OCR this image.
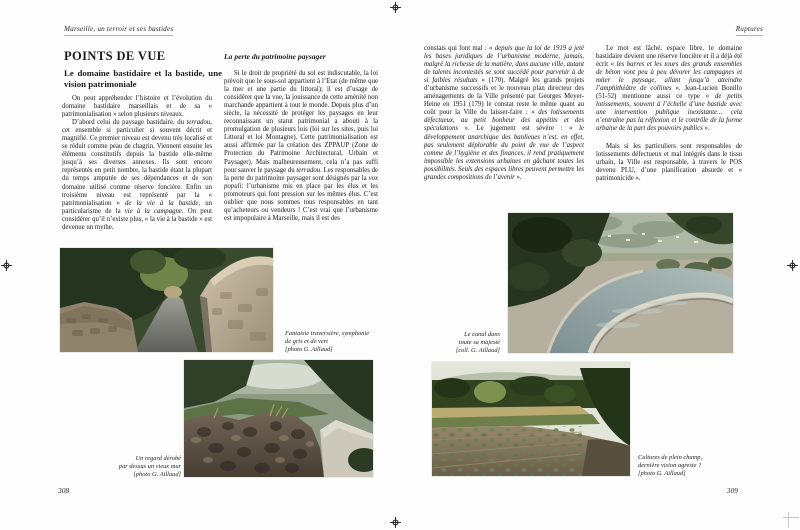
Marseille, un terroir et ses bastides
POINTS DE VUE
Le domaine bastidaire et la bastide, une vision patrimoniale

On peut appréhender l’histoire et l’évolution du domaine bastidaire marseillais et de sa « patrimonialisation » selon plusieurs niveaux.

D’abord celui du paysage bastidaire, du terradou, cet ensemble si particulier si souvent décrit et magnifié. Ce premier niveau est devenu très localisé et se réduit comme peau de chagrin. Viennent ensuite les éléments constitutifs depuis la bastide elle-même jusqu’à ses diverses annexes. Ils sont encore représentés en petit nombre, la bastide étant la plupart du temps amputée de ses dépendances et de son domaine utilisé comme réserve foncière. Enfin un troisième niveau est représenté par la « patrimonialisation » de la vie à la bastide, un particularisme de la vie à la campagne. On peut considérer qu’il n’existe plus, « la vie à la bastide » est devenue un mythe.

La perte du patrimoine paysager

Si le droit de propriété du sol est indiscutable, la loi prévoit que le sous-sol appartient à l’Etat (de même que la mer et une partie du littoral); il est d’usage de considérer que la vue, la jouissance de cette aménité non marchande appartient à tout le monde. Depuis plus d’un siècle, la nécessité de protéger les paysages en leur reconnaissant un statut patrimonial a abouti à la promulgation de plusieurs lois (loi sur les sites, puis loi Littoral et loi Montagne). Cette patrimonialisation est aussi affirmée par la création des ZPPAUP (Zone de Protection du Patrimoine Architectural, Urbain et Paysager). Mais malheureusement, cela n’a pas suffi pour sauver le paysage du terradou. Les responsables de la perte du patrimoine paysager sont désignés par la vox populi: l’urbanisme mis en place par les élus et les promoteurs qui font pression sur les mêmes élus. C’est oublier que nous sommes tous responsables en tant qu’acheteurs ou vendeurs ! C’est vrai que l’urbanisme est impopulaire à Marseille, mais il est des

Fantaisie traversière, symphonie
de gris et de vert
[photo G. Aillaud]
Un regard dérobé
par dessus un vieux mur
[photo G. Aillaud]
308
Ruptures

constats qui font mal : « depuis que la loi de 1919 a jeté les bases juridiques de l’urbanisme moderne, jamais, malgré la richesse de la matière, dans aucune ville, autant de talents incontestés se sont succédé pour parvenir à de si faibles résultats » (170). Malgré les grands projets d’urbanisme successifs et le nouveau plan directeur des aménagements de la Ville présenté par Georges Meyer-Heine en 1951 (179) le constat reste le même quant au coût pour la Ville du laisser-faire : « des lotissements défectueux, au petit bonheur des appétits et des spéculations ». Le jugement est sévère : « le développement anarchique des banlieues n’est, en effet, pas seulement déplorable du point de vue de l’aspect comme de l’hygiène et des finances, il rend pratiquement impossible les extensions urbaines en gâchant toutes les possibilités. Seuls des espaces libres peuvent permettre les grandes compositions de l’avenir ».

Le mot est lâché, espace libre, le domaine bastidaire devient une réserve foncière et il a déjà été écrit « les barres et les tours des grands ensembles de béton vont peu à peu dévorer les campagnes et miter le paysage, allant jusqu’à atteindre l’amphithéâtre de collines ». Jean-Lucien Bonillo (51-52) mentionne aussi ce type « de petits lotissements, souvent à l’échelle d’une bastide avec une intervention publique inexistante... cela n’entraîne pas la réflexion et le contrôle de la forme urbaine de la part des pouvoirs publics ».

Mais si les particuliers sont responsables de lotissements défectueux et mal intégrés dans le tissu urbain, la Ville est responsable, à travers le POS devenu PLU, d’une planification absurde et « patrimonicide ».

Le canal dans
toute sa majesté
[coll. G. Aillaud]
Cultures de plein champ,
dernière vision agreste ?
[photo G. Aillaud]
309
